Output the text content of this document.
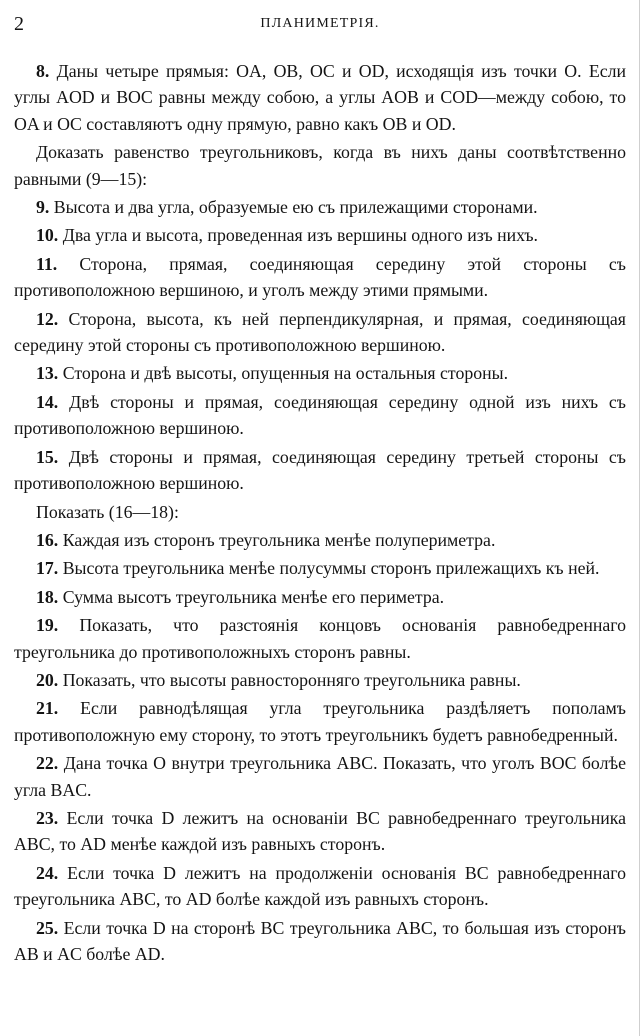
2	ПЛАНИМЕТРІЯ.

8. Даны четыре прямыя: OA, OB, OC и OD, исходящія изъ точки O. Если углы AOD и BOC равны между собою, а углы AOB и COD—между собою, то OA и OC составляютъ одну прямую, равно какъ OB и OD.

Доказать равенство треугольниковъ, когда въ нихъ даны соотвѣтственно равными (9—15):

9. Высота и два угла, образуемые ею съ прилежащими сторонами.

10. Два угла и высота, проведенная изъ вершины одного изъ нихъ.

11. Сторона, прямая, соединяющая середину этой стороны съ противоположною вершиною, и уголъ между этими прямыми.

12. Сторона, высота, къ ней перпендикулярная, и прямая, соединяющая середину этой стороны съ противоположною вершиною.

13. Сторона и двѣ высоты, опущенныя на остальныя стороны.

14. Двѣ стороны и прямая, соединяющая середину одной изъ нихъ съ противоположною вершиною.

15. Двѣ стороны и прямая, соединяющая середину третьей стороны съ противоположною вершиною.

Показать (16—18):

16. Каждая изъ сторонъ треугольника менѣе полупериметра.

17. Высота треугольника менѣе полусуммы сторонъ прилежащихъ къ ней.

18. Сумма высотъ треугольника менѣе его периметра.

19. Показать, что разстоянія концовъ основанія равнобедреннаго треугольника до противоположныхъ сторонъ равны.

20. Показать, что высоты равносторонняго треугольника равны.

21. Если равнодѣлящая угла треугольника раздѣляетъ пополамъ противоположную ему сторону, то этотъ треугольникъ будетъ равнобедренный.

22. Дана точка O внутри треугольника ABC. Показать, что уголъ BOC болѣе угла BAC.

23. Если точка D лежитъ на основаніи BC равнобедреннаго треугольника ABC, то AD менѣе каждой изъ равныхъ сторонъ.

24. Если точка D лежитъ на продолженіи основанія BC равнобедреннаго треугольника ABC, то AD болѣе каждой изъ равныхъ сторонъ.

25. Если точка D на сторонѣ BC треугольника ABC, то большая изъ сторонъ AB и AC болѣе AD.
